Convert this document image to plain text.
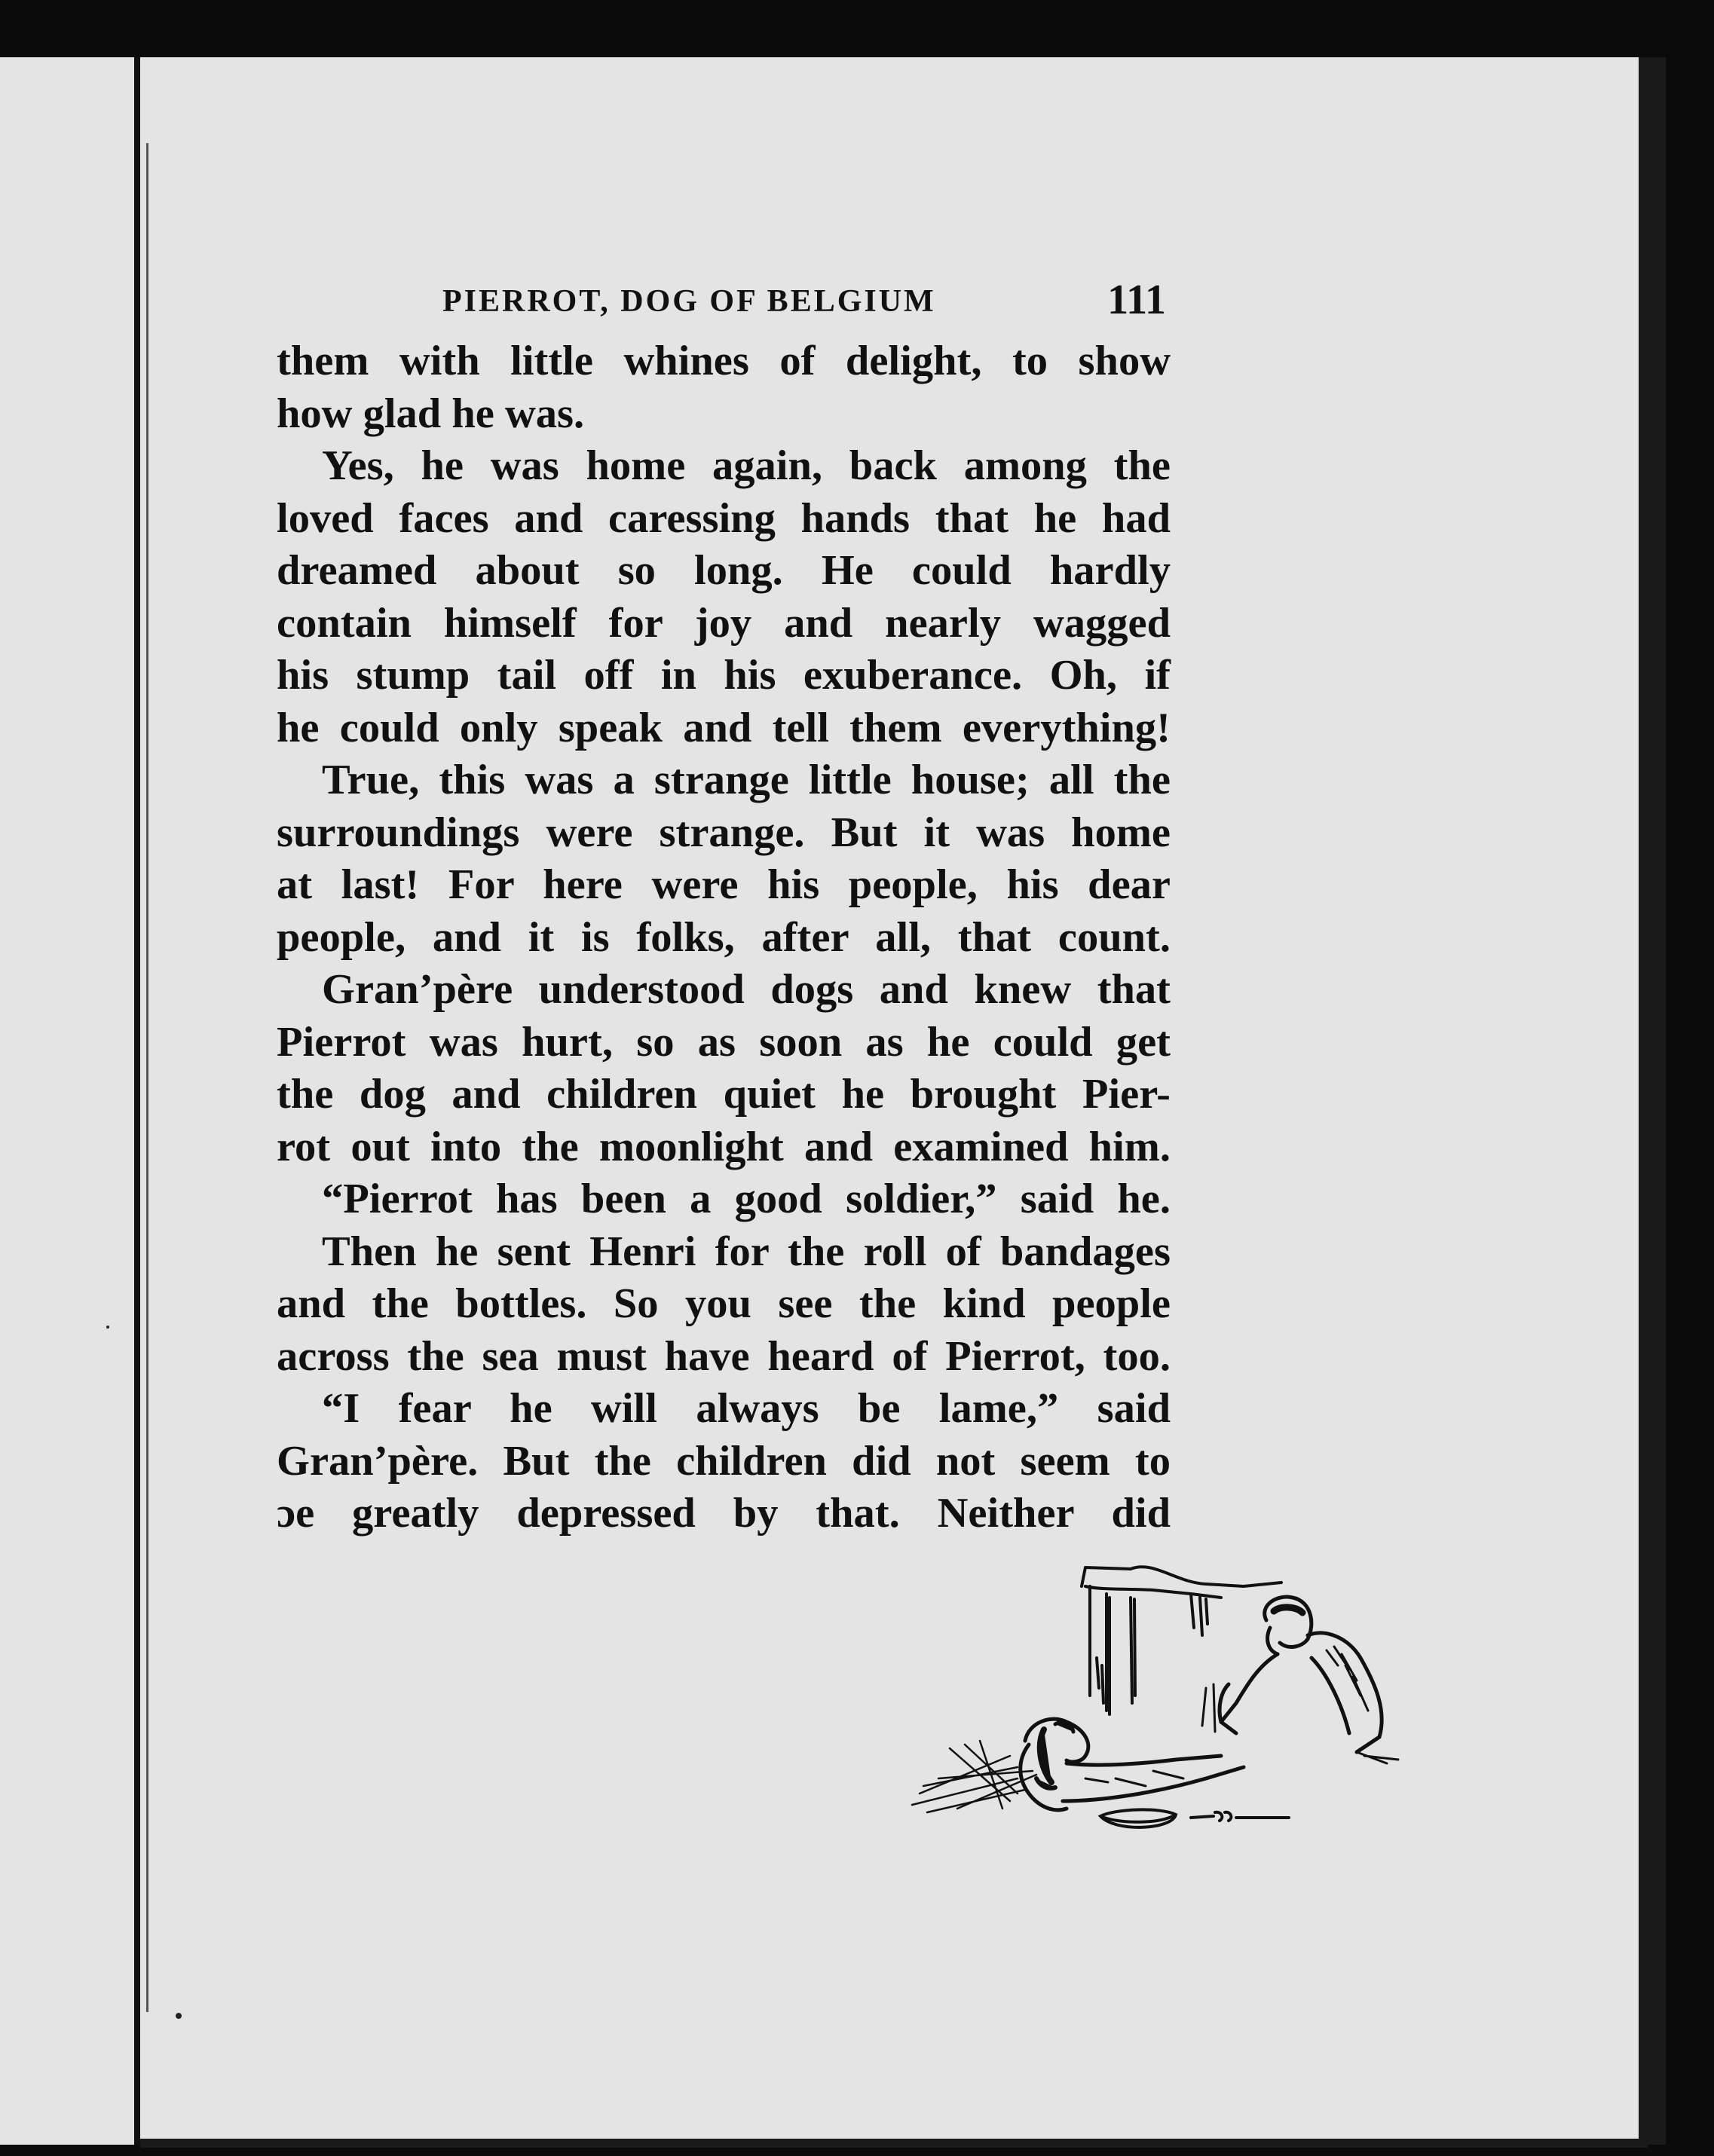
PIERROT, DOG OF BELGIUM	111
them with little whines of delight, to show
how glad he was.
Yes, he was home again, back among the
loved faces and caressing hands that he had
dreamed about so long. He could hardly
contain himself for joy and nearly wagged
his stump tail off in his exuberance. Oh, if
he could only speak and tell them everything!
True, this was a strange little house; all the
surroundings were strange. But it was home
at last! For here were his people, his dear
people, and it is folks, after all, that count.
Gran’père understood dogs and knew that
Pierrot was hurt, so as soon as he could get
the dog and children quiet he brought Pier-
rot out into the moonlight and examined him.
“Pierrot has been a good soldier,” said he.
Then he sent Henri for the roll of bandages
and the bottles. So you see the kind people
across the sea must have heard of Pierrot, too.
“I fear he will always be lame,” said
Gran’père. But the children did not seem to
ɔe greatly depressed by that. Neither did
